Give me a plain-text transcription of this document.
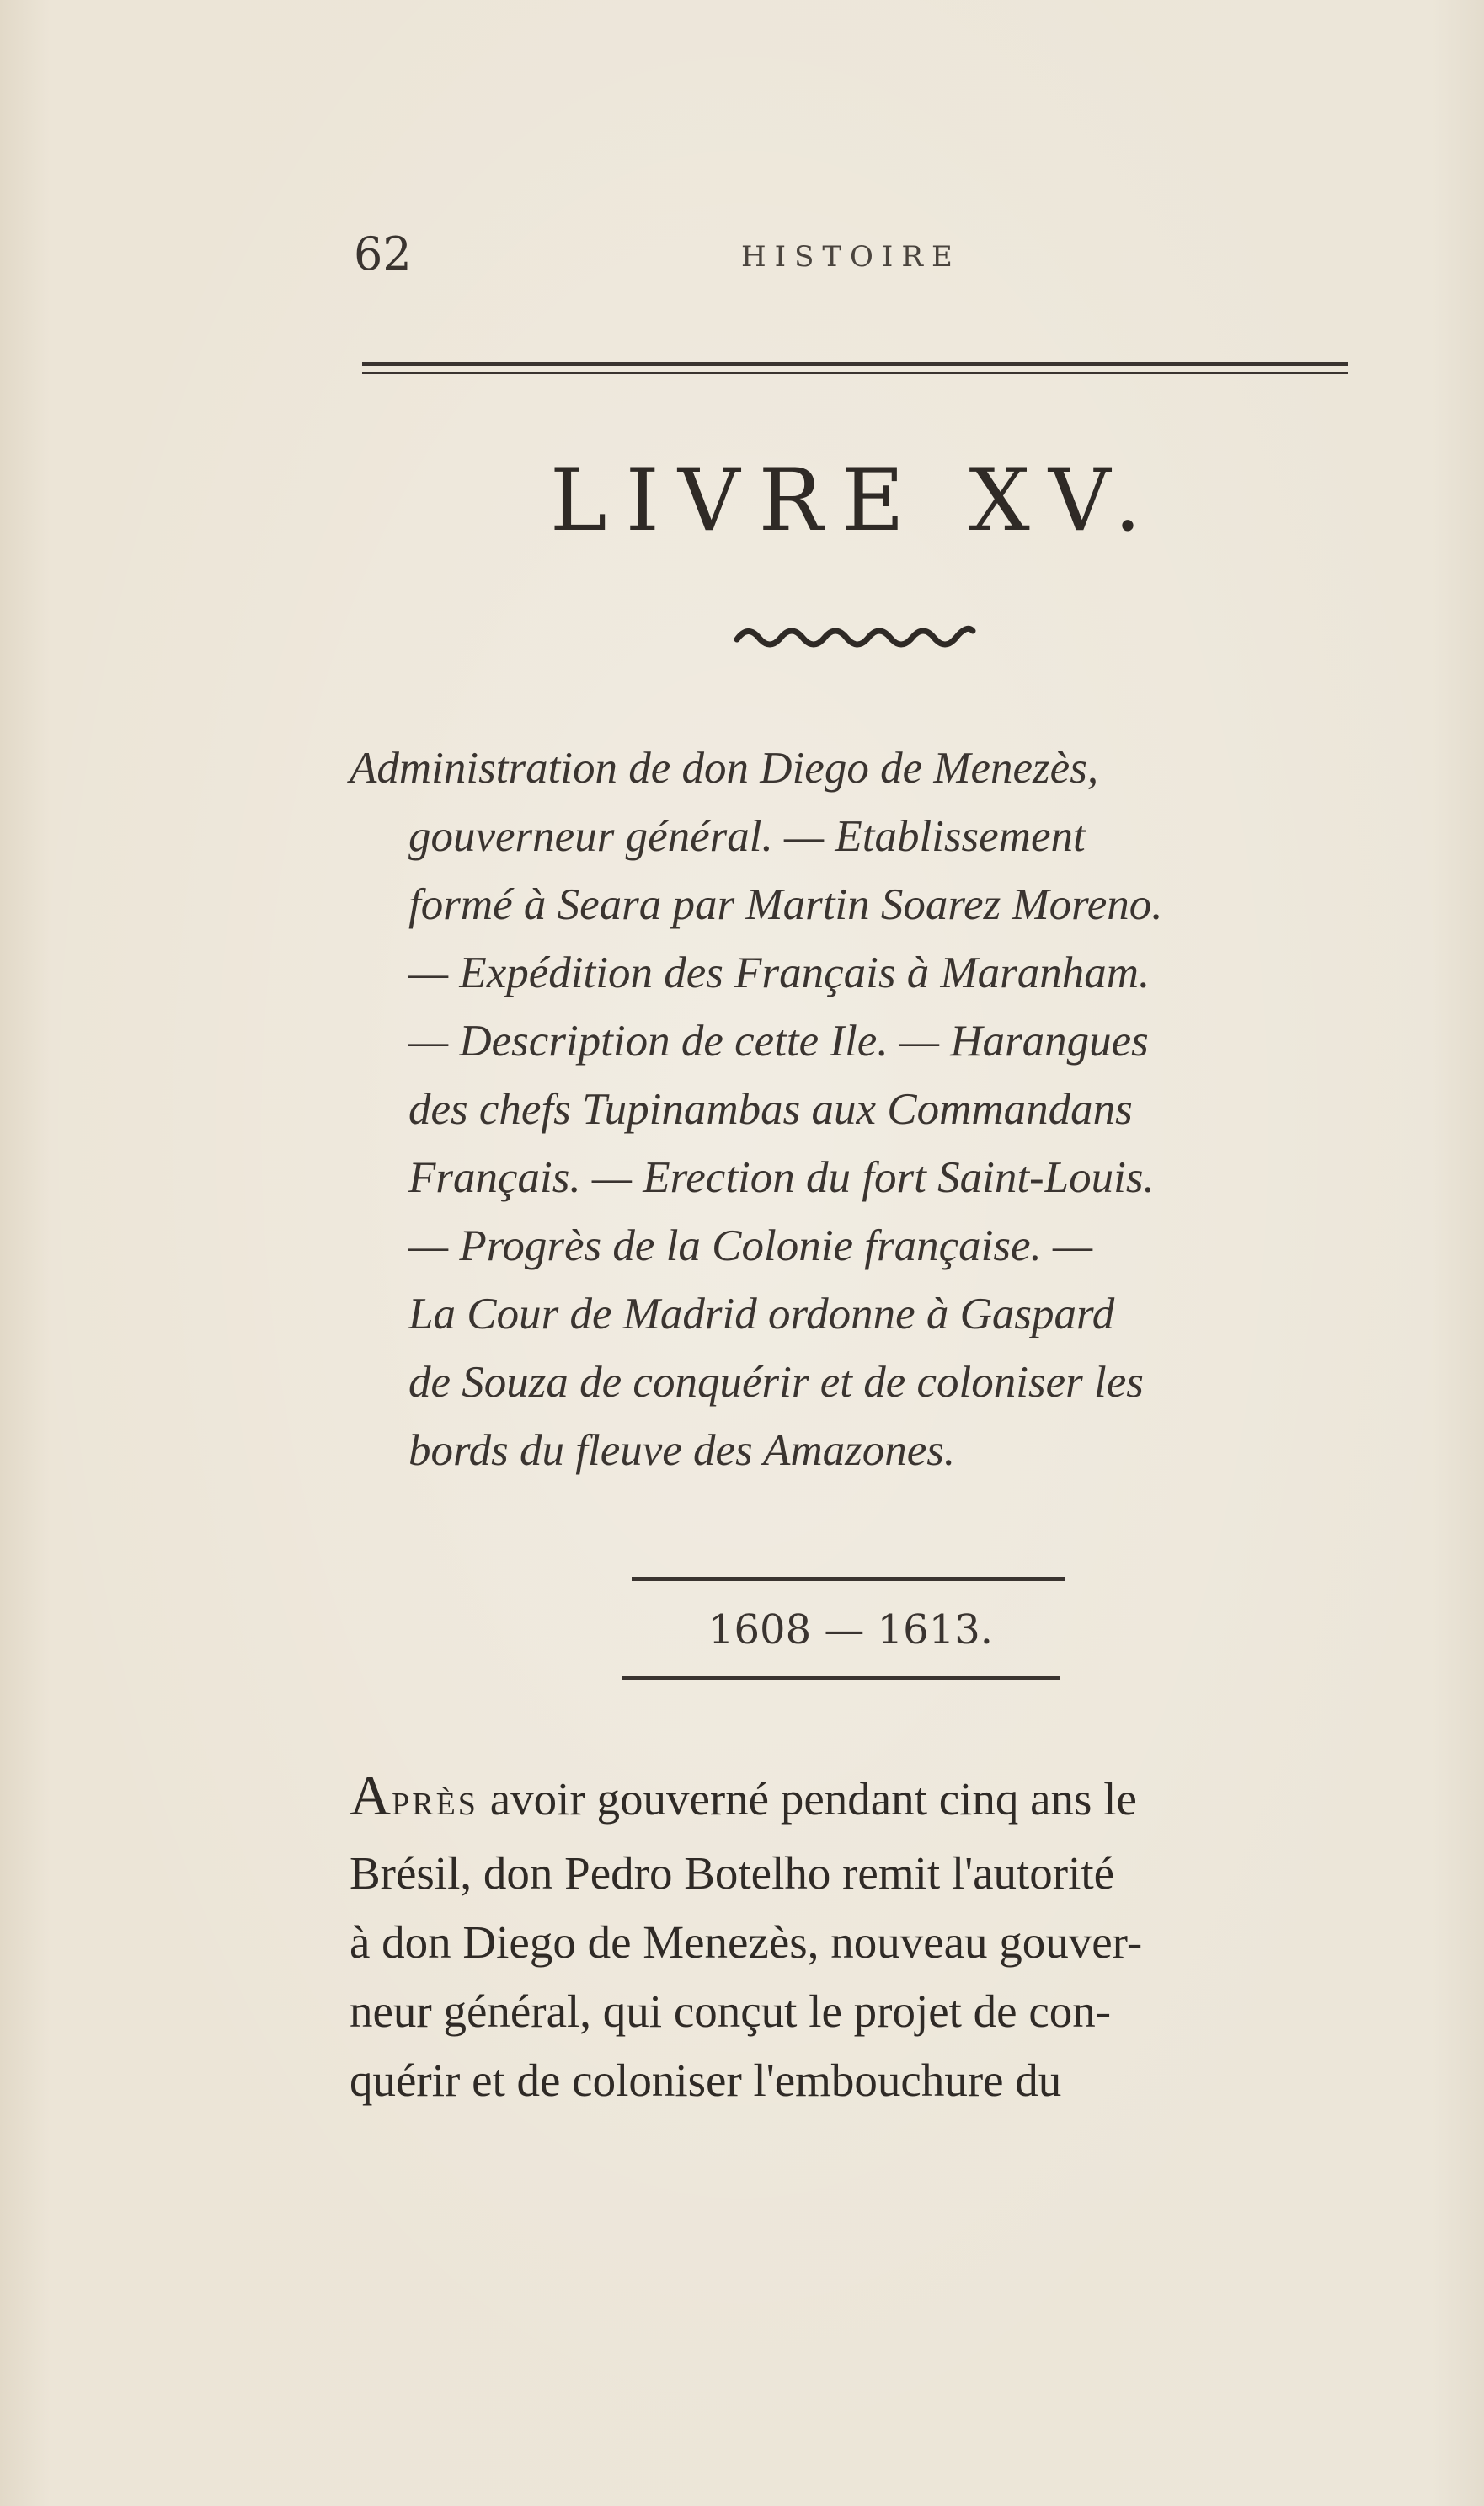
62	HISTOIRE
LIVRE XV.
Administration de don Diego de Menezès,
gouverneur général. — Etablissement
formé à Seara par Martin Soarez Moreno.
— Expédition des Français à Maranham.
— Description de cette Ile. — Harangues
des chefs Tupinambas aux Commandans
Français. — Erection du fort Saint-Louis.
— Progrès de la Colonie française. —
La Cour de Madrid ordonne à Gaspard
de Souza de conquérir et de coloniser les
bords du fleuve des Amazones.
1608 — 1613.
APRÈS avoir gouverné pendant cinq ans le
Brésil, don Pedro Botelho remit l'autorité
à don Diego de Menezès, nouveau gouver-
neur général, qui conçut le projet de con-
quérir et de coloniser l'embouchure du
